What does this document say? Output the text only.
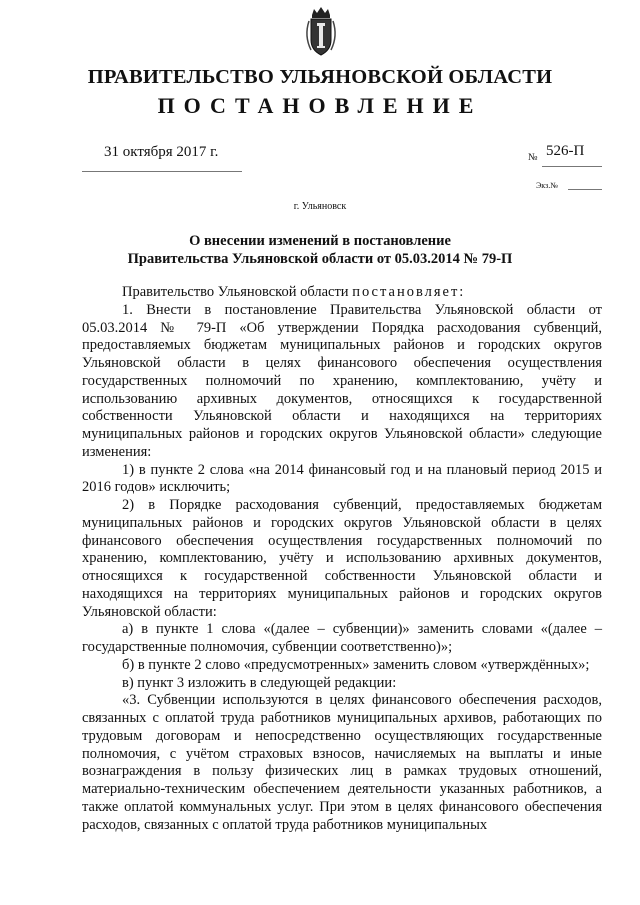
ПРАВИТЕЛЬСТВО УЛЬЯНОВСКОЙ ОБЛАСТИ
ПОСТАНОВЛЕНИЕ
31 октября 2017 г.	№ 526-П
Экз.№
г. Ульяновск
О внесении изменений в постановление
Правительства Ульяновской области от 05.03.2014 № 79-П

Правительство Ульяновской области постановляет:

1. Внести в постановление Правительства Ульяновской области от 05.03.2014 № 79-П «Об утверждении Порядка расходования субвенций, предоставляемых бюджетам муниципальных районов и городских округов Ульяновской области в целях финансового обеспечения осуществления государственных полномочий по хранению, комплектованию, учёту и использованию архивных документов, относящихся к государственной собственности Ульяновской области и находящихся на территориях муниципальных районов и городских округов Ульяновской области» следующие изменения:

1) в пункте 2 слова «на 2014 финансовый год и на плановый период 2015 и 2016 годов» исключить;

2) в Порядке расходования субвенций, предоставляемых бюджетам муниципальных районов и городских округов Ульяновской области в целях финансового обеспечения осуществления государственных полномочий по хранению, комплектованию, учёту и использованию архивных документов, относящихся к государственной собственности Ульяновской области и находящихся на территориях муниципальных районов и городских округов Ульяновской области:

а) в пункте 1 слова «(далее – субвенции)» заменить словами «(далее – государственные полномочия, субвенции соответственно)»;

б) в пункте 2 слово «предусмотренных» заменить словом «утверждённых»;

в) пункт 3 изложить в следующей редакции:

«3. Субвенции используются в целях финансового обеспечения расходов, связанных с оплатой труда работников муниципальных архивов, работающих по трудовым договорам и непосредственно осуществляющих государственные полномочия, с учётом страховых взносов, начисляемых на выплаты и иные вознаграждения в пользу физических лиц в рамках трудовых отношений, материально-техническим обеспечением деятельности указанных работников, а также оплатой коммунальных услуг. При этом в целях финансового обеспечения расходов, связанных с оплатой труда работников муниципальных
